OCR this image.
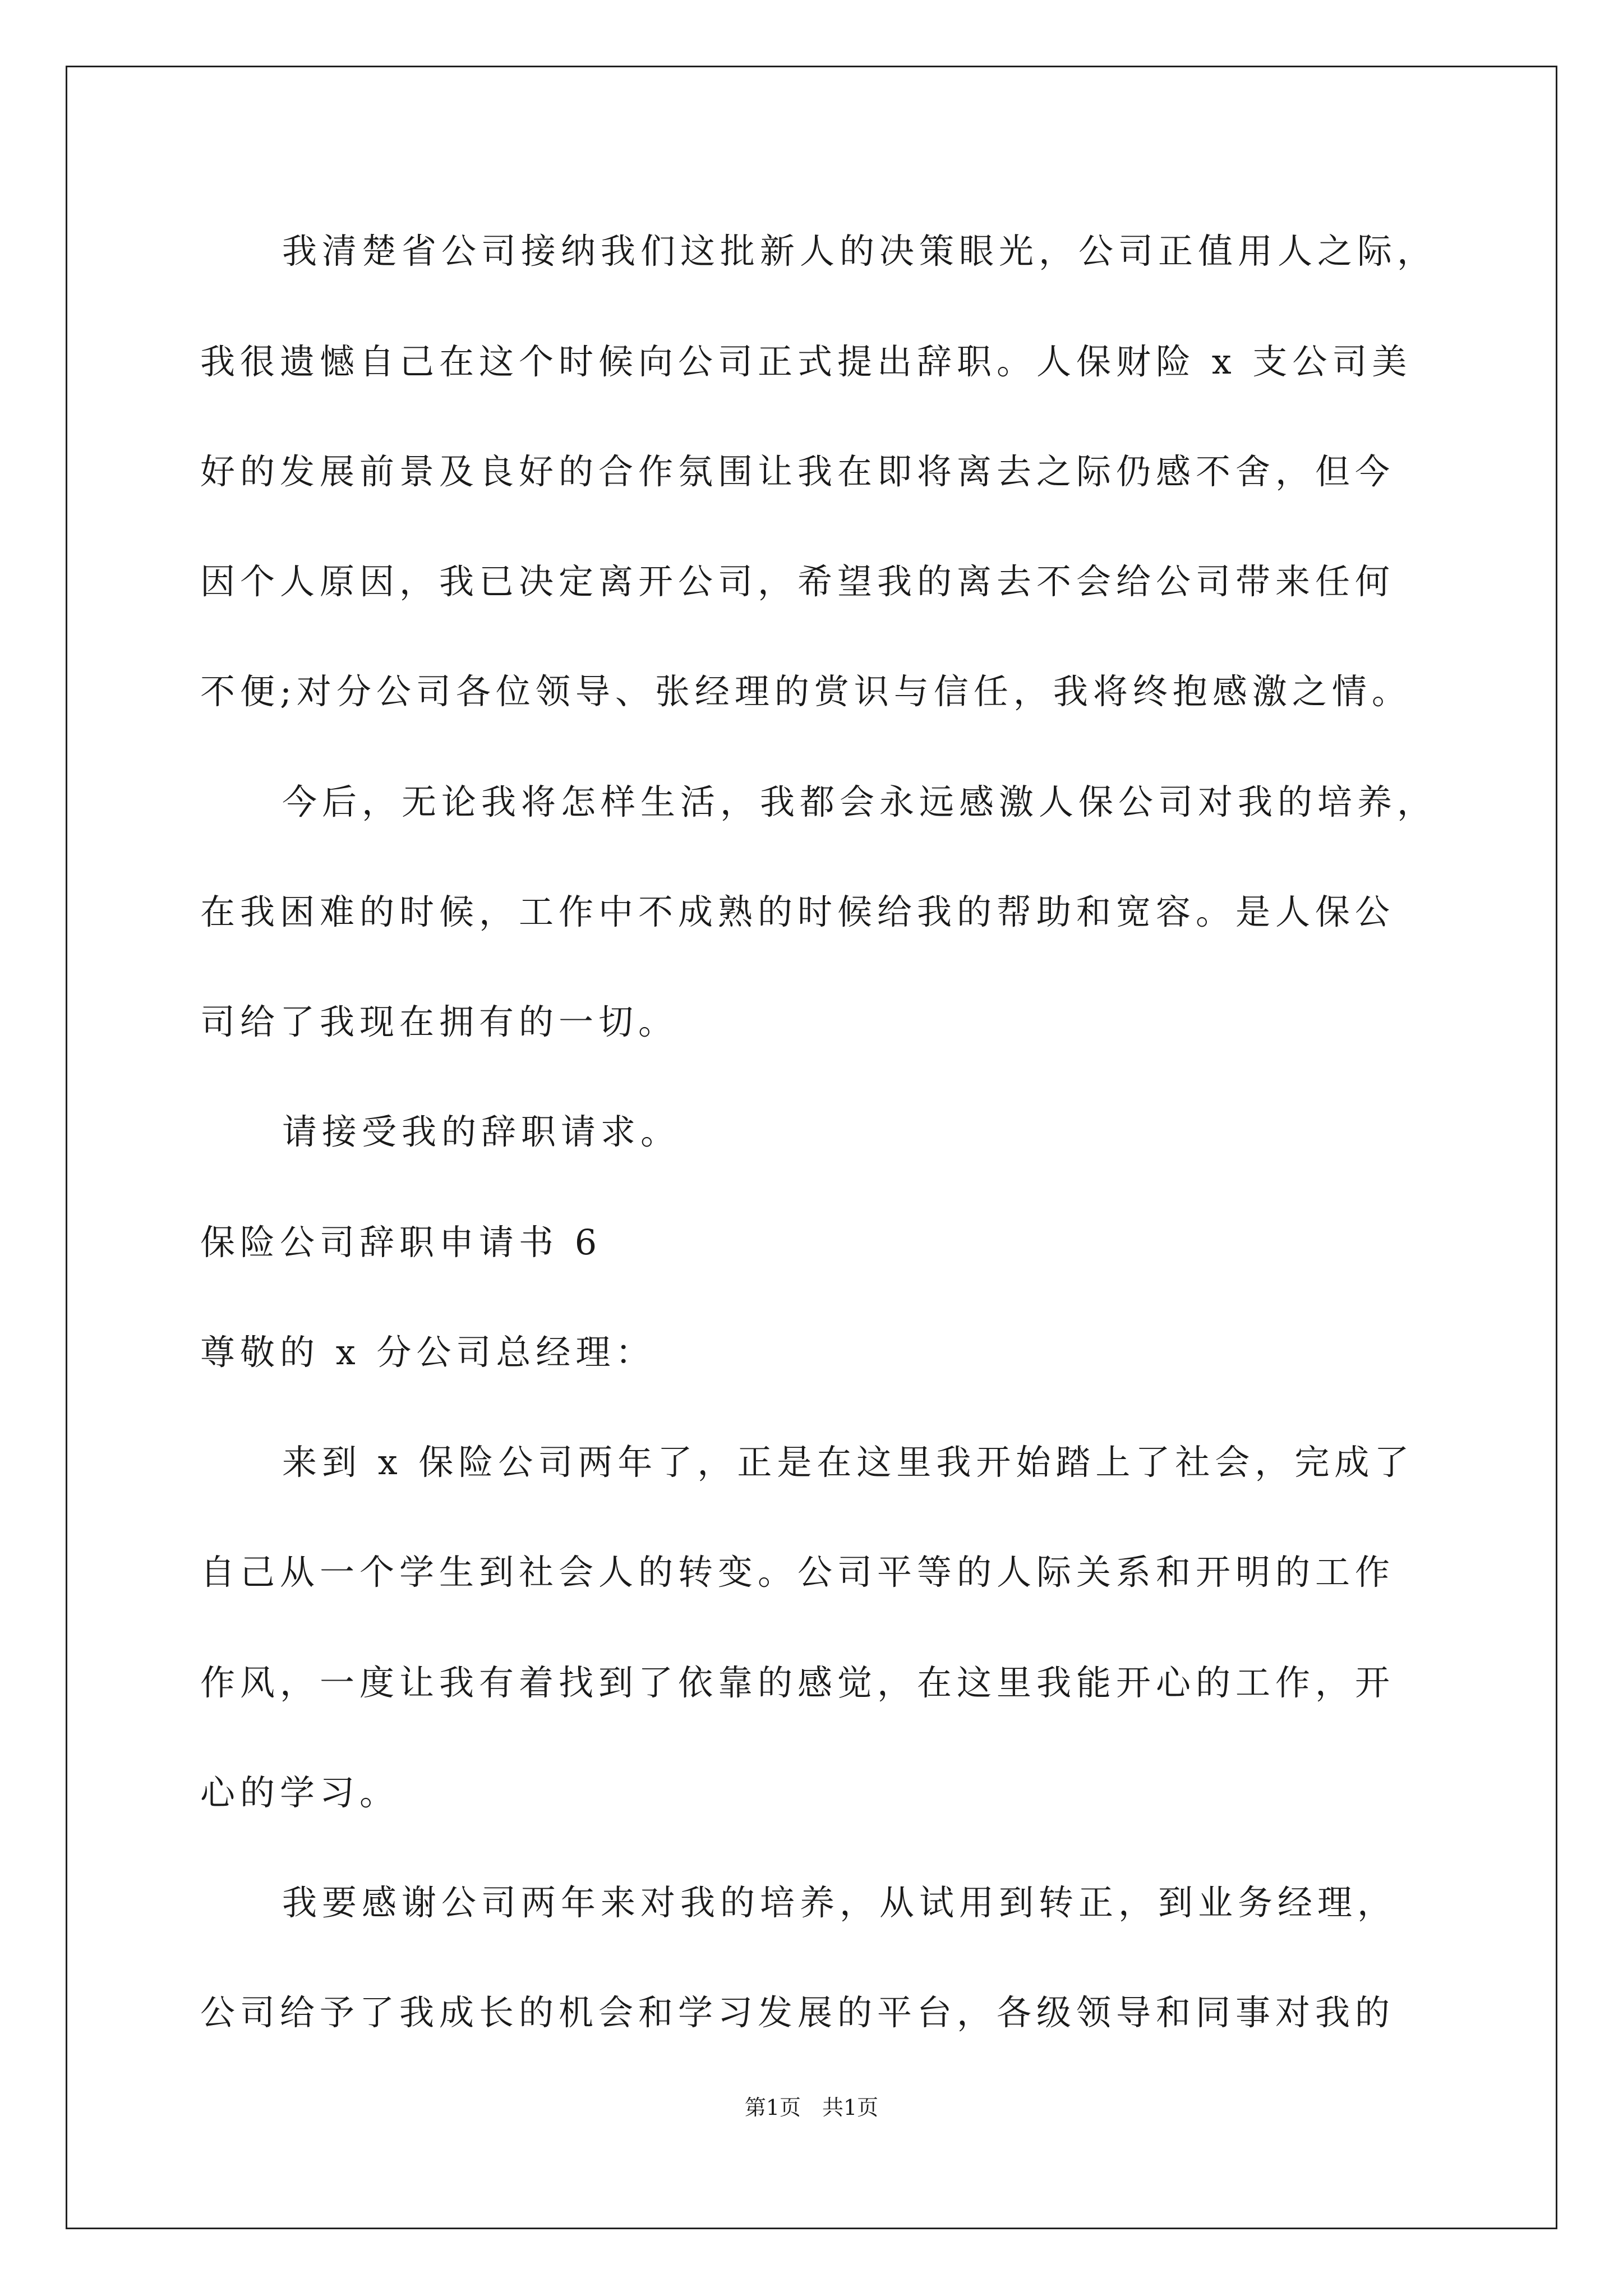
我清楚省公司接纳我们这批新人的决策眼光，公司正值用人之际，
我很遗憾自己在这个时候向公司正式提出辞职。人保财险 x 支公司美
好的发展前景及良好的合作氛围让我在即将离去之际仍感不舍，但今
因个人原因，我已决定离开公司，希望我的离去不会给公司带来任何
不便;对分公司各位领导、张经理的赏识与信任，我将终抱感激之情。
今后，无论我将怎样生活，我都会永远感激人保公司对我的培养，
在我困难的时候，工作中不成熟的时候给我的帮助和宽容。是人保公
司给了我现在拥有的一切。
请接受我的辞职请求。
保险公司辞职申请书 6
尊敬的 x 分公司总经理：
来到 x 保险公司两年了，正是在这里我开始踏上了社会，完成了
自己从一个学生到社会人的转变。公司平等的人际关系和开明的工作
作风，一度让我有着找到了依靠的感觉，在这里我能开心的工作，开
心的学习。
我要感谢公司两年来对我的培养，从试用到转正，到业务经理，
公司给予了我成长的机会和学习发展的平台，各级领导和同事对我的
第1页　共1页
